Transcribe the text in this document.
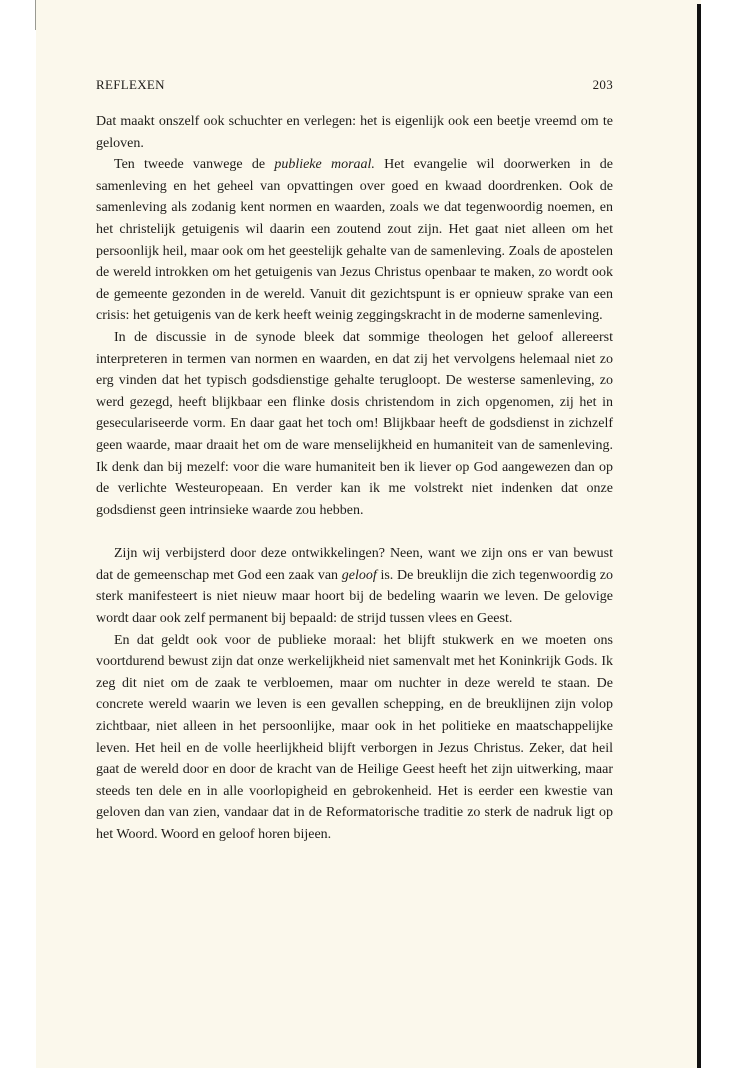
REFLEXEN	203

Dat maakt onszelf ook schuchter en verlegen: het is eigenlijk ook een beetje vreemd om te geloven.

Ten tweede vanwege de publieke moraal. Het evangelie wil doorwerken in de samenleving en het geheel van opvattingen over goed en kwaad doordrenken. Ook de samenleving als zodanig kent normen en waarden, zoals we dat tegenwoordig noemen, en het christelijk getuigenis wil daarin een zoutend zout zijn. Het gaat niet alleen om het persoonlijk heil, maar ook om het geestelijk gehalte van de samenleving. Zoals de apostelen de wereld introkken om het getuigenis van Jezus Christus openbaar te maken, zo wordt ook de gemeente gezonden in de wereld. Vanuit dit gezichtspunt is er opnieuw sprake van een crisis: het getuigenis van de kerk heeft weinig zeggingskracht in de moderne samenleving.

In de discussie in de synode bleek dat sommige theologen het geloof allereerst interpreteren in termen van normen en waarden, en dat zij het vervolgens helemaal niet zo erg vinden dat het typisch godsdienstige gehalte terugloopt. De westerse samenleving, zo werd gezegd, heeft blijkbaar een flinke dosis christendom in zich opgenomen, zij het in geseculariseerde vorm. En daar gaat het toch om! Blijkbaar heeft de godsdienst in zichzelf geen waarde, maar draait het om de ware menselijkheid en humaniteit van de samenleving. Ik denk dan bij mezelf: voor die ware humaniteit ben ik liever op God aangewezen dan op de verlichte Westeuropeaan. En verder kan ik me volstrekt niet indenken dat onze godsdienst geen intrinsieke waarde zou hebben.

Zijn wij verbijsterd door deze ontwikkelingen? Neen, want we zijn ons er van bewust dat de gemeenschap met God een zaak van geloof is. De breuklijn die zich tegenwoordig zo sterk manifesteert is niet nieuw maar hoort bij de bedeling waarin we leven. De gelovige wordt daar ook zelf permanent bij bepaald: de strijd tussen vlees en Geest.

En dat geldt ook voor de publieke moraal: het blijft stukwerk en we moeten ons voortdurend bewust zijn dat onze werkelijkheid niet samenvalt met het Koninkrijk Gods. Ik zeg dit niet om de zaak te verbloemen, maar om nuchter in deze wereld te staan. De concrete wereld waarin we leven is een gevallen schepping, en de breuklijnen zijn volop zichtbaar, niet alleen in het persoonlijke, maar ook in het politieke en maatschappelijke leven. Het heil en de volle heerlijkheid blijft verborgen in Jezus Christus. Zeker, dat heil gaat de wereld door en door de kracht van de Heilige Geest heeft het zijn uitwerking, maar steeds ten dele en in alle voorlopigheid en gebrokenheid. Het is eerder een kwestie van geloven dan van zien, vandaar dat in de Reformatorische traditie zo sterk de nadruk ligt op het Woord. Woord en geloof horen bijeen.
